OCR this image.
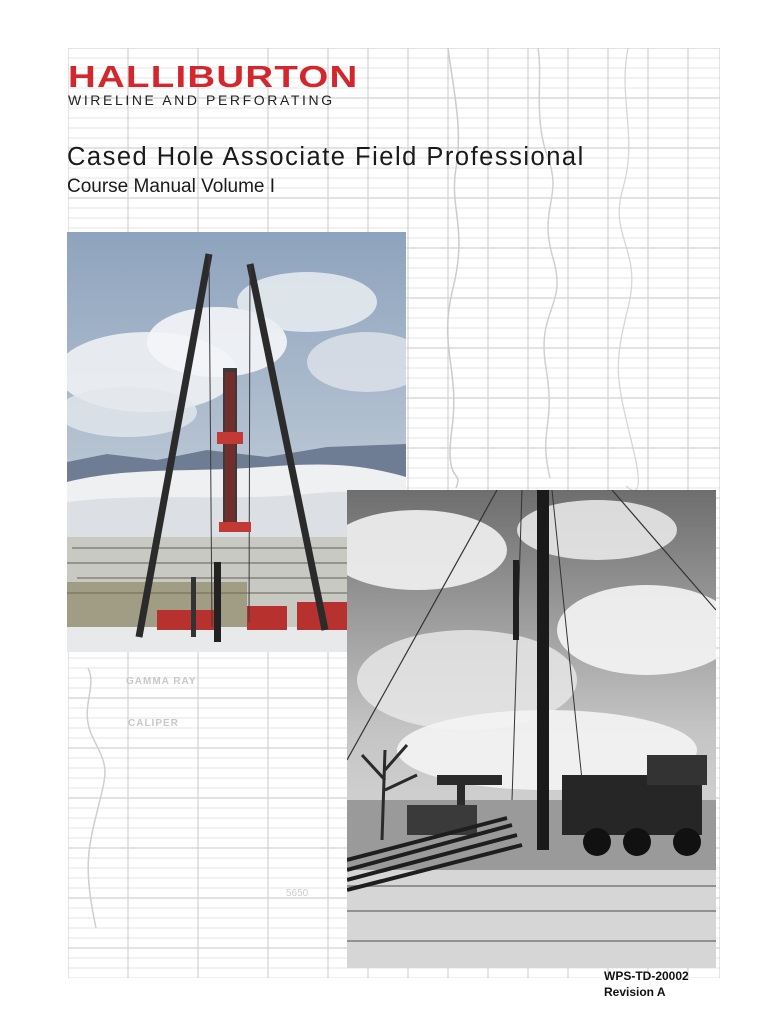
GAMMA RAY
CALIPER
5650
HALLIBURTON
WIRELINE AND PERFORATING
Cased Hole Associate Field Professional
Course Manual Volume I
WPS-TD-20002
Revision A
